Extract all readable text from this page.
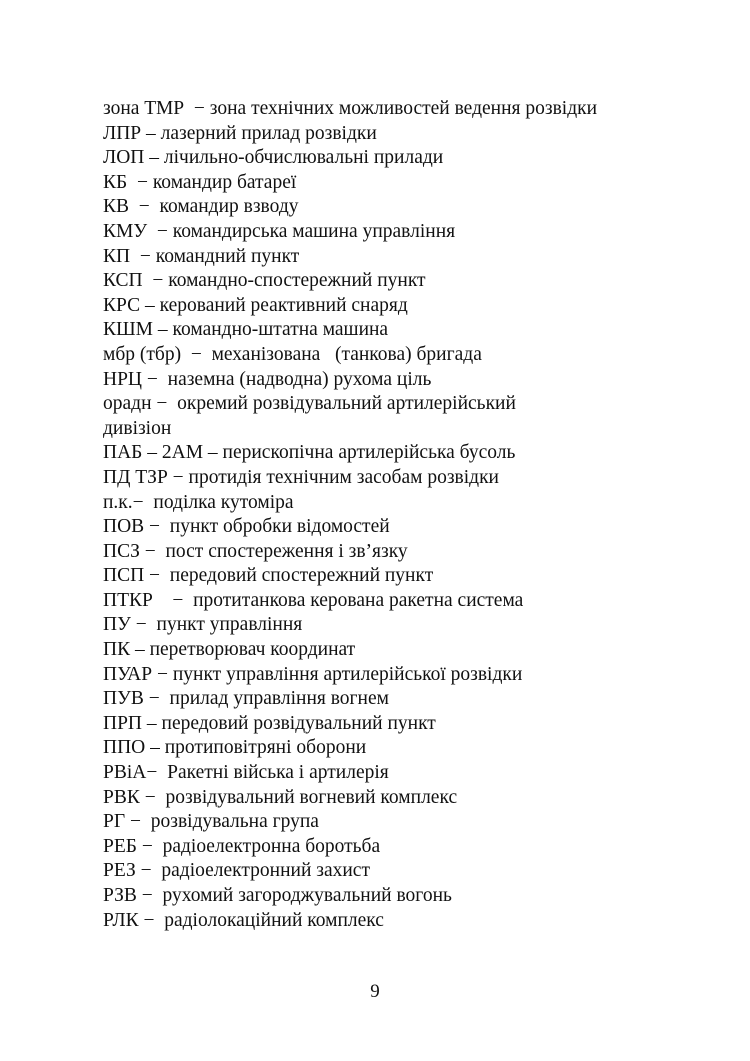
зона ТМР  − зона технічних можливостей ведення розвідки
ЛПР – лазерний прилад розвідки
ЛОП – лічильно-обчислювальні прилади
КБ  − командир батареї
КВ  −  командир взводу
КМУ  − командирська машина управління
КП  − командний пункт
КСП  − командно-спостережний пункт
КРС – керований реактивний снаряд
КШМ – командно-штатна машина
мбр (тбр)  −  механізована   (танкова) бригада
НРЦ −  наземна (надводна) рухома ціль
орадн −  окремий розвідувальний артилерійський
дивізіон
ПАБ – 2АМ – перископічна артилерійська бусоль
ПД ТЗР − протидія технічним засобам розвідки
п.к.−  поділка кутоміра
ПОВ −  пункт обробки відомостей
ПСЗ −  пост спостереження і зв’язку
ПСП −  передовий спостережний пункт
ПТКР    −  протитанкова керована ракетна система
ПУ −  пункт управління
ПК – перетворювач координат
ПУАР − пункт управління артилерійської розвідки
ПУВ −  прилад управління вогнем
ПРП – передовий розвідувальний пункт
ППО – протиповітряні оборони
РВіА−  Ракетні війська і артилерія
РВК −  розвідувальний вогневий комплекс
РГ −  розвідувальна група
РЕБ −  радіоелектронна боротьба
РЕЗ −  радіоелектронний захист
РЗВ −  рухомий загороджувальний вогонь
РЛК −  радіолокаційний комплекс
9
